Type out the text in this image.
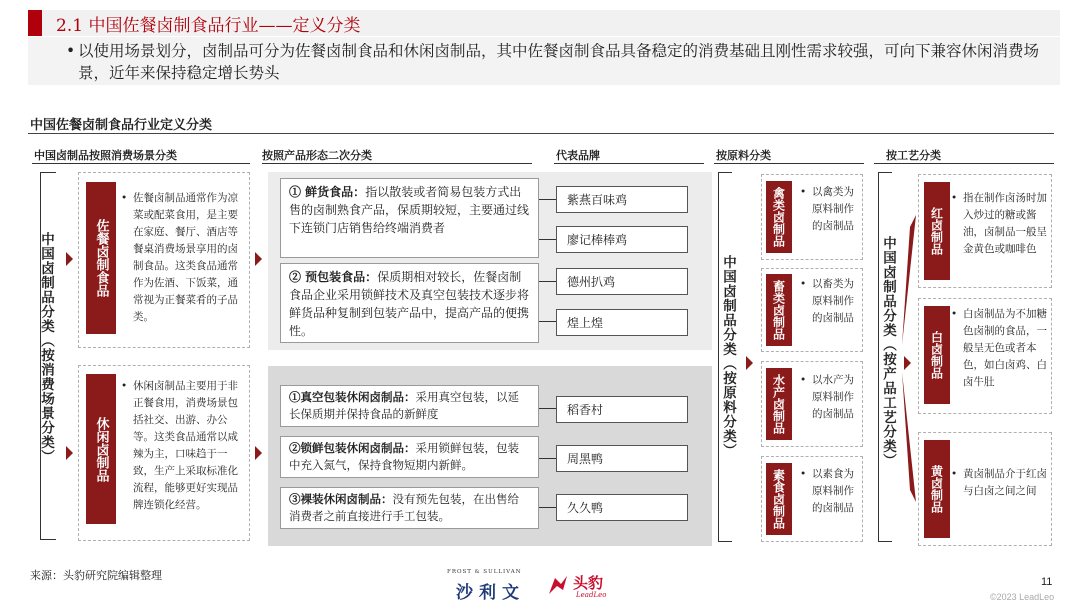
2.1 中国佐餐卤制食品行业——定义分类
• 以使用场景划分，卤制品可分为佐餐卤制食品和休闲卤制品，其中佐餐卤制食品具备稳定的消费基础且刚性需求较强，可向下兼容休闲消费场景，近年来保持稳定增长势头
中国佐餐卤制食品行业定义分类
中国卤制品按照消费场景分类	按照产品形态二次分类	代表品牌	按原料分类	按工艺分类
中国卤制品分类（按消费场景分类）	佐餐卤制食品
• 佐餐卤制品通常作为凉菜或配菜食用，是主要在家庭、餐厅、酒店等餐桌消费场景享用的卤制食品。这类食品通常作为佐酒、下饭菜，通常视为正餐菜肴的子品类。
休闲卤制品
• 休闲卤制品主要用于非正餐食用，消费场景包括社交、出游、办公等。这类食品通常以咸辣为主，口味趋于一致，生产上采取标准化流程，能够更好实现品牌连锁化经营。
① 鲜货食品：指以散装或者简易包装方式出售的卤制熟食产品，保质期较短，主要通过线下连锁门店销售给终端消费者
② 预包装食品：保质期相对较长，佐餐卤制食品企业采用锁鲜技术及真空包装技术逐步将鲜货品种复制到包装产品中，提高产品的便携性。
紫燕百味鸡
廖记棒棒鸡
德州扒鸡
煌上煌
①真空包装休闲卤制品：采用真空包装，以延长保质期并保持食品的新鲜度
②锁鲜包装休闲卤制品：采用锁鲜包装，包装中充入氮气，保持食物短期内新鲜。
③裸装休闲卤制品：没有预先包装，在出售给消费者之前直接进行手工包装。
稻香村
周黑鸭
久久鸭
中国卤制品分类（按原料分类）
禽类卤制品	• 以禽类为原料制作的卤制品
畜类卤制品	• 以畜类为原料制作的卤制品
水产卤制品	• 以水产为原料制作的卤制品
素食卤制品	• 以素食为原料制作的卤制品
中国卤制品分类（按产品工艺分类）
红卤制品
• 指在制作卤汤时加入炒过的糖或酱油，卤制品一般呈金黄色或咖啡色
白卤制品
• 白卤制品为不加糖色卤制的食品，一般呈无色或者本色，如白卤鸡、白卤牛肚
黄卤制品	• 黄卤制品介于红卤与白卤之间之间
来源：头豹研究院编辑整理	FROST & SULLIVAN
沙利文	头豹
LeadLeo
11
©2023 LeadLeo
